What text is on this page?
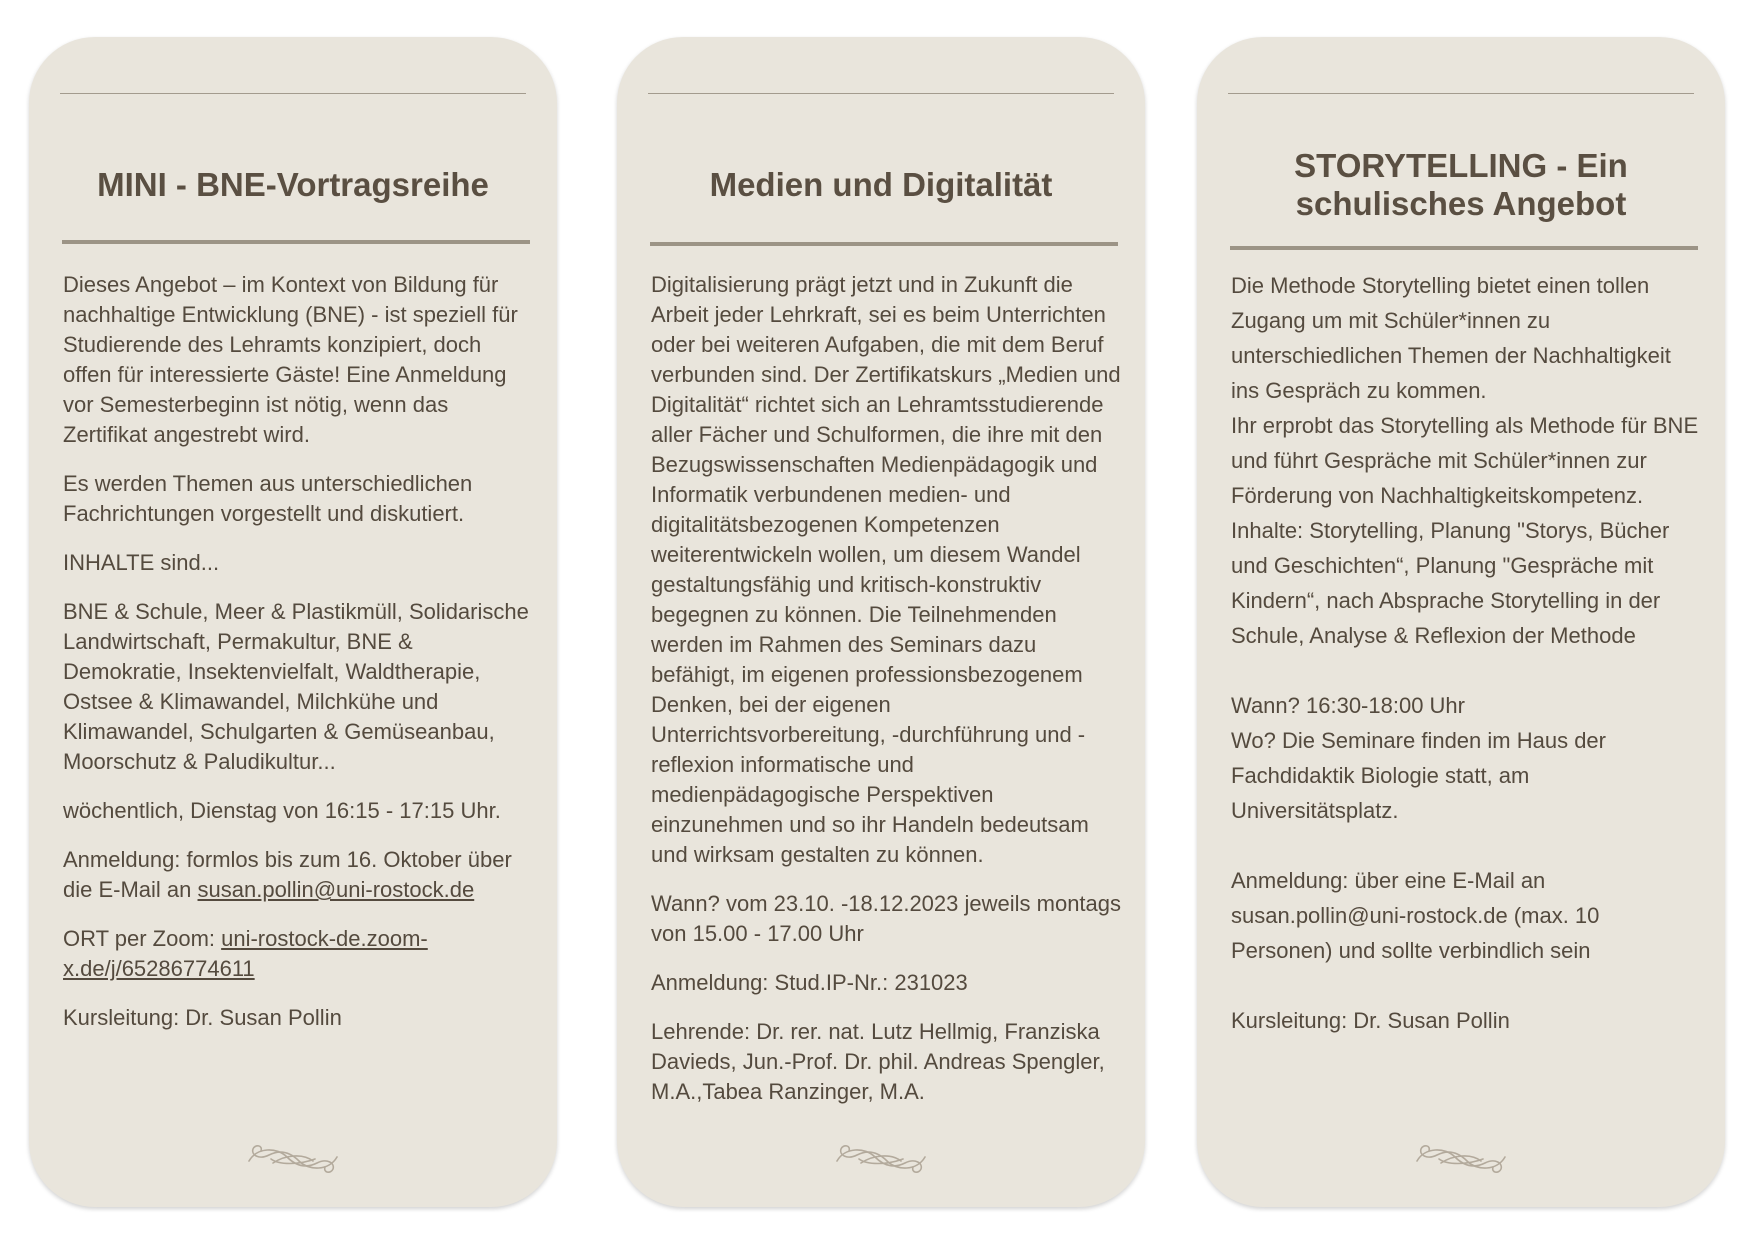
MINI - BNE-Vortragsreihe

Dieses Angebot – im Kontext von Bildung für nachhaltige Entwicklung (BNE) - ist speziell für Studierende des Lehramts konzipiert, doch offen für interessierte Gäste! Eine Anmeldung vor Semesterbeginn ist nötig, wenn das Zertifikat angestrebt wird.

Es werden Themen aus unterschiedlichen Fachrichtungen vorgestellt und diskutiert.

INHALTE sind...

BNE & Schule, Meer & Plastikmüll, Solidarische Landwirtschaft, Permakultur, BNE & Demokratie, Insektenvielfalt, Waldtherapie, Ostsee & Klimawandel, Milchkühe und Klimawandel, Schulgarten & Gemüseanbau, Moorschutz & Paludikultur...

wöchentlich, Dienstag von 16:15 - 17:15 Uhr.

Anmeldung: formlos bis zum 16. Oktober über die E-Mail an susan.pollin@uni-rostock.de

ORT per Zoom: uni-rostock-de.zoom-x.de/j/65286774611

Kursleitung: Dr. Susan Pollin

Medien und Digitalität

Digitalisierung prägt jetzt und in Zukunft die Arbeit jeder Lehrkraft, sei es beim Unterrichten oder bei weiteren Aufgaben, die mit dem Beruf verbunden sind. Der Zertifikatskurs „Medien und Digitalität“ richtet sich an Lehramtsstudierende aller Fächer und Schulformen, die ihre mit den Bezugswissenschaften Medienpädagogik und Informatik verbundenen medien- und digitalitätsbezogenen Kompetenzen weiterentwickeln wollen, um diesem Wandel gestaltungsfähig und kritisch-konstruktiv begegnen zu können. Die Teilnehmenden werden im Rahmen des Seminars dazu befähigt, im eigenen professionsbezogenem Denken, bei der eigenen Unterrichtsvorbereitung, -durchführung und -reflexion informatische und medienpädagogische Perspektiven einzunehmen und so ihr Handeln bedeutsam und wirksam gestalten zu können.

Wann? vom 23.10. -18.12.2023 jeweils montags von 15.00 - 17.00 Uhr

Anmeldung: Stud.IP-Nr.: 231023

Lehrende: Dr. rer. nat. Lutz Hellmig, Franziska Davieds, Jun.-Prof. Dr. phil. Andreas Spengler, M.A.,Tabea Ranzinger, M.A.

STORYTELLING - Ein schulisches Angebot

Die Methode Storytelling bietet einen tollen Zugang um mit Schüler*innen zu unterschiedlichen Themen der Nachhaltigkeit ins Gespräch zu kommen.

Ihr erprobt das Storytelling als Methode für BNE und führt Gespräche mit Schüler*innen zur Förderung von Nachhaltigkeitskompetenz.

Inhalte: Storytelling, Planung "Storys, Bücher und Geschichten“, Planung "Gespräche mit Kindern“, nach Absprache Storytelling in der Schule, Analyse & Reflexion der Methode

Wann? 16:30-18:00 Uhr

Wo? Die Seminare finden im Haus der Fachdidaktik Biologie statt, am Universitätsplatz.

Anmeldung: über eine E-Mail an susan.pollin@uni-rostock.de (max. 10 Personen) und sollte verbindlich sein

Kursleitung: Dr. Susan Pollin
